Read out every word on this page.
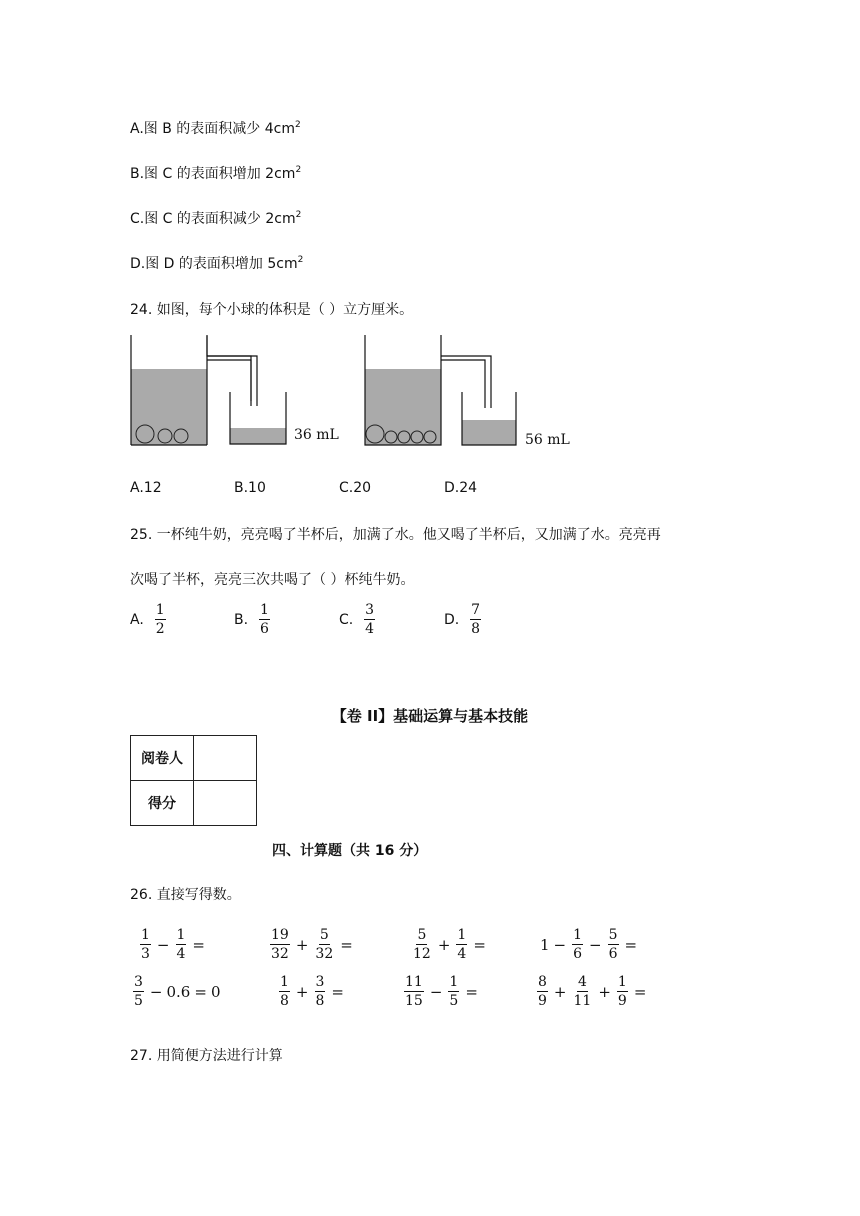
A.图 B 的表面积减少 $4cm^2$
B.图 C 的表面积增加 $2cm^2$
C.图 C 的表面积减少 $2cm^2$
D.图 D 的表面积增加 $5cm^2$
24. 如图，每个小球的体积是（ ）立方厘米。
36 mL	56 mL
A.12	B.10	C.20	D.24
25. 一杯纯牛奶，亮亮喝了半杯后，加满了水。他又喝了半杯后，又加满了水。亮亮再
次喝了半杯，亮亮三次共喝了（ ）杯纯牛奶。
A.
$\frac{1}{2}$	B.
$\frac{1}{6}$	C.
$\frac{3}{4}$	D.
$\frac{7}{8}$
【卷 II】基础运算与基本技能
阅卷人	
得分	
四、计算题（共 16 分）
26. 直接写得数。
$\frac{1}{3} - \frac{1}{4}$ =	$\frac{19}{32} + \frac{5}{32}$ =	$\frac{5}{12} + \frac{1}{4}$ =	$1 - \frac{1}{6} - \frac{5}{6}$ =
$\frac{3}{5} - 0.6 = 0$	$\frac{1}{8} + \frac{3}{8}$ =	$\frac{11}{15} - \frac{1}{5}$ =	$\frac{8}{9} + \frac{4}{11} + \frac{1}{9}$ =
27. 用简便方法进行计算
